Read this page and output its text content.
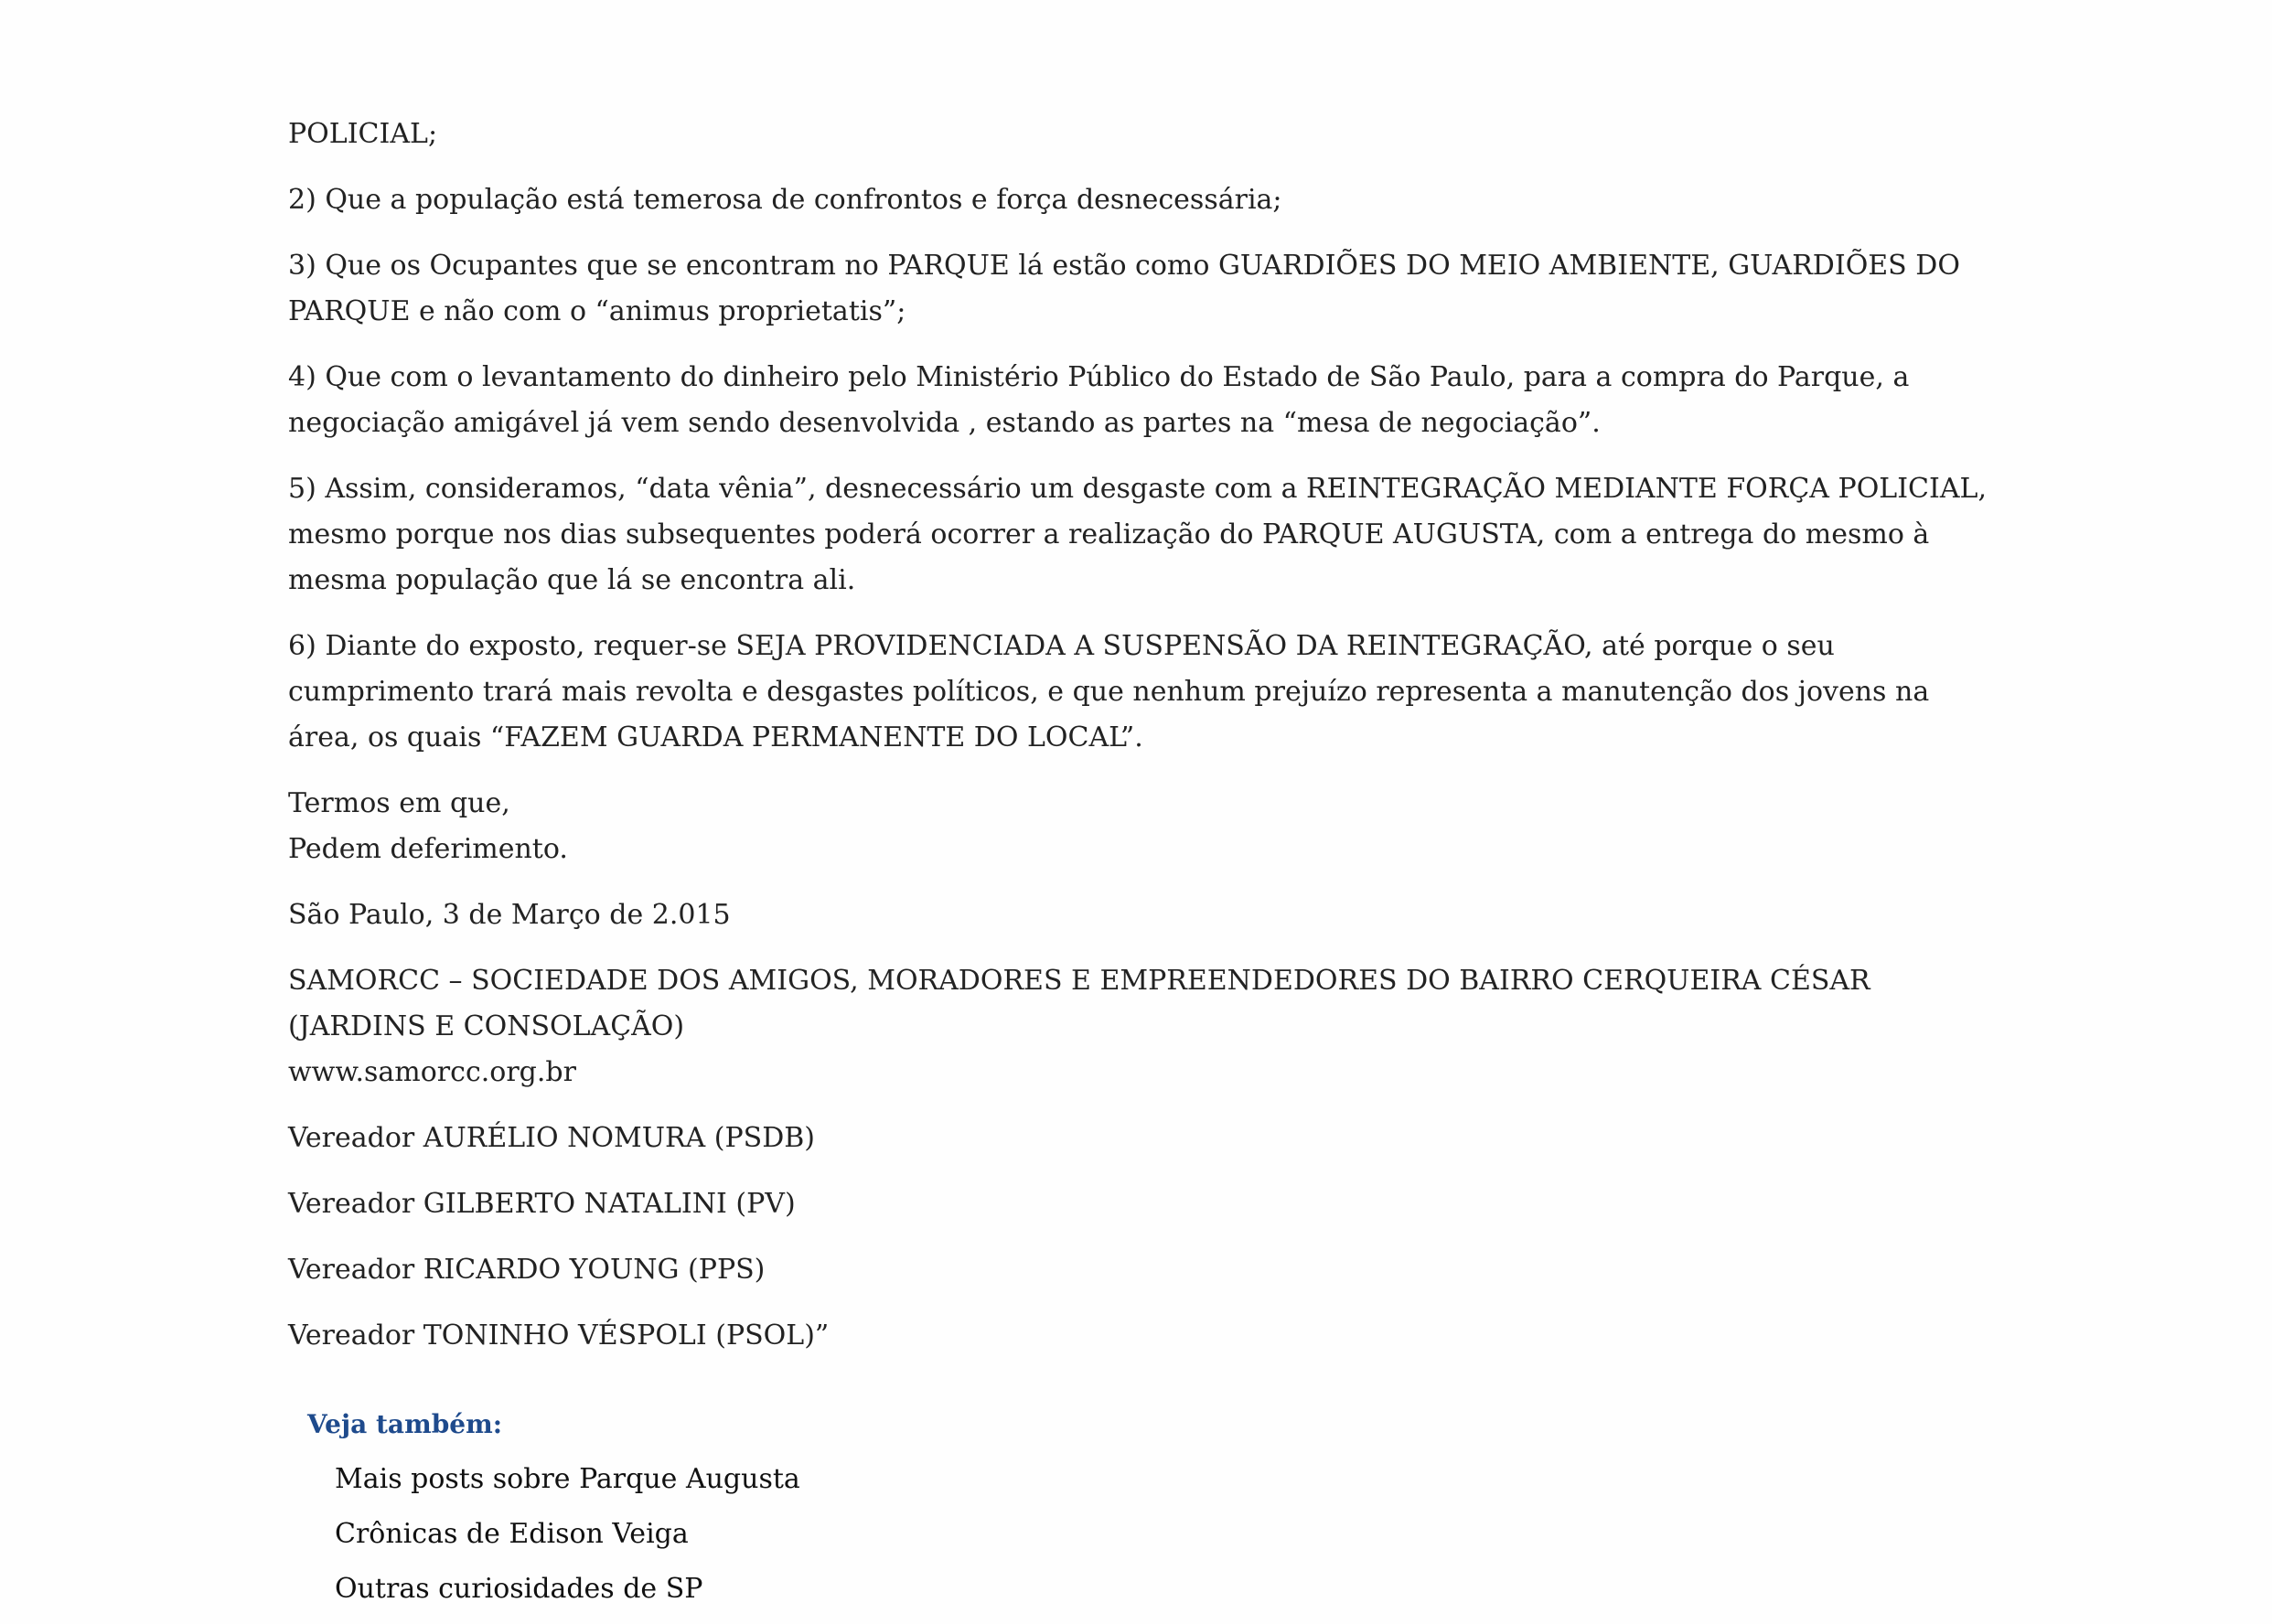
POLICIAL;

2) Que a população está temerosa de confrontos e força desnecessária;

3) Que os Ocupantes que se encontram no PARQUE lá estão como GUARDIÕES DO MEIO AMBIENTE, GUARDIÕES DO PARQUE e não com o “animus proprietatis”;

4) Que com o levantamento do dinheiro pelo Ministério Público do Estado de São Paulo, para a compra do Parque, a negociação amigável já vem sendo desenvolvida , estando as partes na “mesa de negociação”.

5) Assim, consideramos, “data vênia”, desnecessário um desgaste com a REINTEGRAÇÃO MEDIANTE FORÇA POLICIAL, mesmo porque nos dias subsequentes poderá ocorrer a realização do PARQUE AUGUSTA, com a entrega do mesmo à mesma população que lá se encontra ali.

6) Diante do exposto, requer-se SEJA PROVIDENCIADA A SUSPENSÃO DA REINTEGRAÇÃO, até porque o seu cumprimento trará mais revolta e desgastes políticos, e que nenhum prejuízo representa a manutenção dos jovens na área, os quais “FAZEM GUARDA PERMANENTE DO LOCAL”.

Termos em que,
Pedem deferimento.

São Paulo, 3 de Março de 2.015

SAMORCC – SOCIEDADE DOS AMIGOS, MORADORES E EMPREENDEDORES DO BAIRRO CERQUEIRA CÉSAR (JARDINS E CONSOLAÇÃO)
www.samorcc.org.br

Vereador AURÉLIO NOMURA (PSDB)

Vereador GILBERTO NATALINI (PV)

Vereador RICARDO YOUNG (PPS)

Vereador TONINHO VÉSPOLI (PSOL)”

Veja também:
Mais posts sobre Parque Augusta
Crônicas de Edison Veiga
Outras curiosidades de SP
